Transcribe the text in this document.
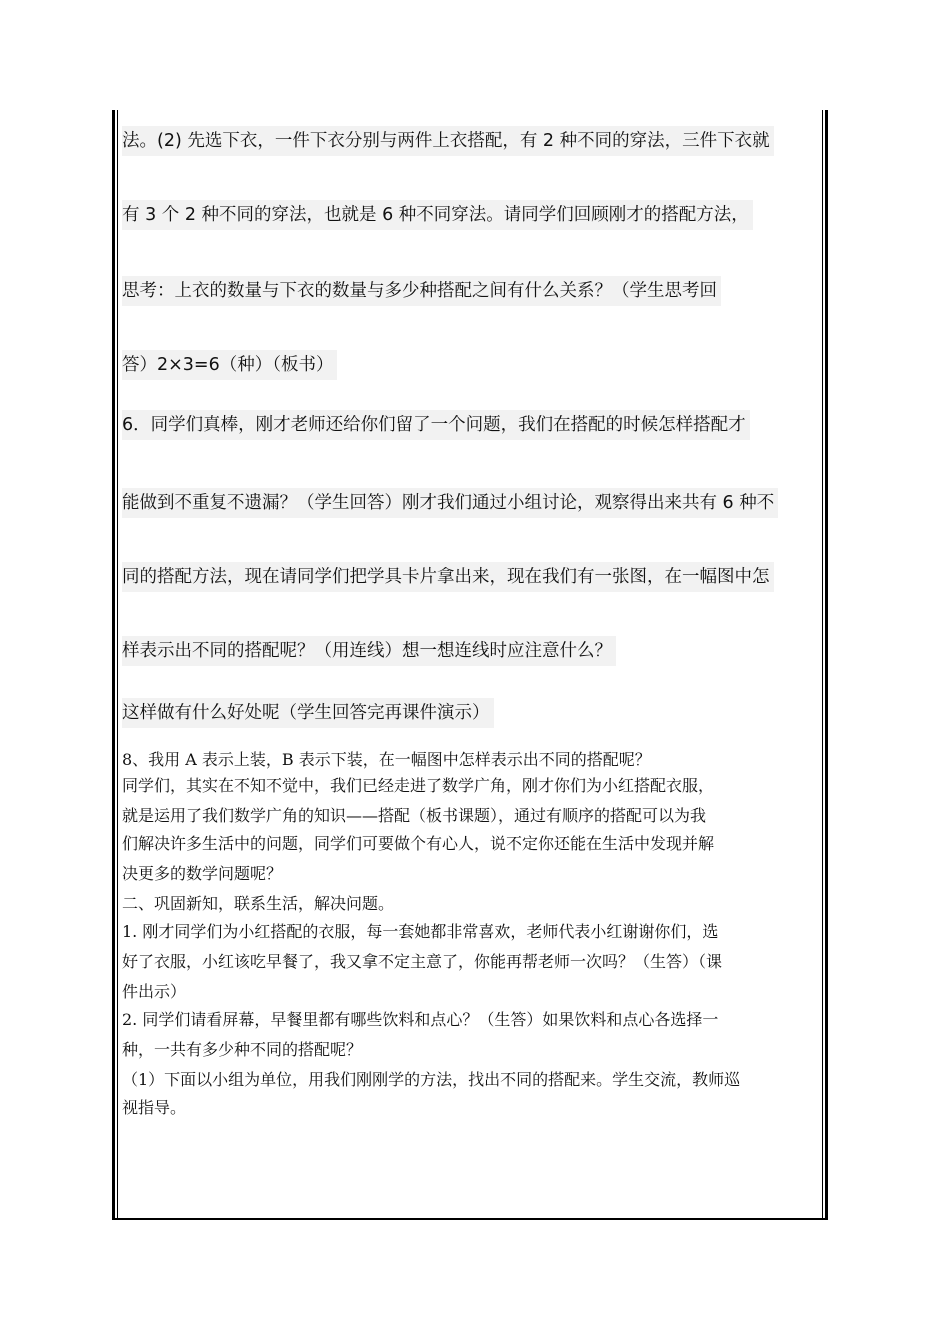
法。(2) 先选下衣，一件下衣分别与两件上衣搭配，有 2 种不同的穿法，三件下衣就
有 3 个 2 种不同的穿法，也就是 6 种不同穿法。请同学们回顾刚才的搭配方法，
思考：上衣的数量与下衣的数量与多少种搭配之间有什么关系？（学生思考回
答）2×3=6（种）（板书）
6．同学们真棒，刚才老师还给你们留了一个问题，我们在搭配的时候怎样搭配才
能做到不重复不遗漏？（学生回答）刚才我们通过小组讨论，观察得出来共有 6 种不
同的搭配方法，现在请同学们把学具卡片拿出来，现在我们有一张图，在一幅图中怎
样表示出不同的搭配呢？（用连线）想一想连线时应注意什么？
这样做有什么好处呢（学生回答完再课件演示）
8、我用 A 表示上装，B 表示下装，在一幅图中怎样表示出不同的搭配呢？
同学们，其实在不知不觉中，我们已经走进了数学广角，刚才你们为小红搭配衣服，
就是运用了我们数学广角的知识——搭配（板书课题），通过有顺序的搭配可以为我
们解决许多生活中的问题，同学们可要做个有心人，说不定你还能在生活中发现并解
决更多的数学问题呢？
二、巩固新知，联系生活，解决问题。
1. 刚才同学们为小红搭配的衣服，每一套她都非常喜欢，老师代表小红谢谢你们，选
好了衣服，小红该吃早餐了，我又拿不定主意了，你能再帮老师一次吗？（生答）（课
件出示）
2. 同学们请看屏幕，早餐里都有哪些饮料和点心？（生答）如果饮料和点心各选择一
种，一共有多少种不同的搭配呢？
（1）下面以小组为单位，用我们刚刚学的方法，找出不同的搭配来。学生交流，教师巡
视指导。
